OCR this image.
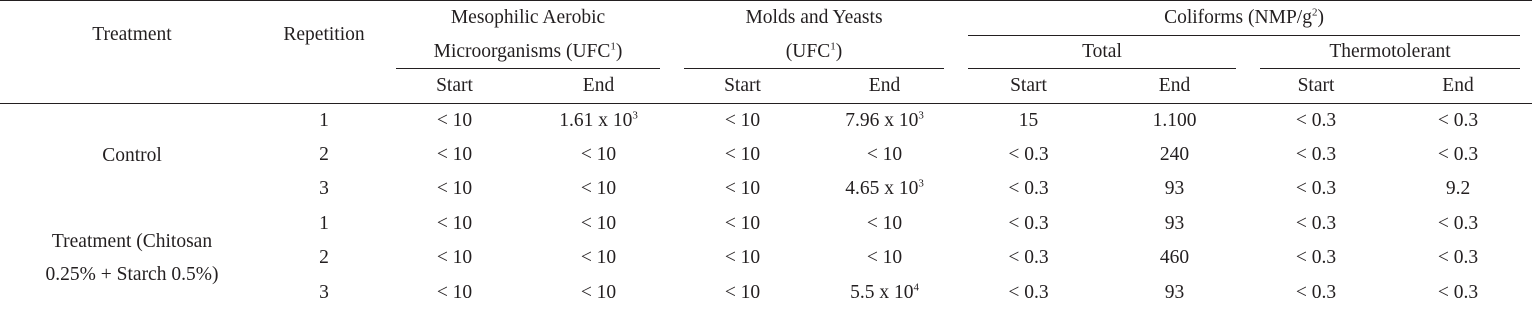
Treatment	Repetition	Mesophilic Aerobic
Microorganisms (UFC$^1$)		Molds and Yeasts
(UFC$^1$)		Coliforms $(NMP/g^2)$			
						Total		Thermotolerant	
		Start	End	Start	End	Start	End	Start	End
Control	1	< 10	1.61 x $10^3$	< 10	7.96 x $10^3$	15	1.100	< 0.3	< 0.3
	2	< 10	< 10	< 10	< 10	< 0.3	240	< 0.3	< 0.3
	3	< 10	< 10	< 10	4.65 x $10^3$	< 0.3	93	< 0.3	9.2
Treatment (Chitosan
0.25% + Starch 0.5%)	1	< 10	< 10	< 10	< 10	< 0.3	93	< 0.3	< 0.3
	2	< 10	< 10	< 10	< 10	< 0.3	460	< 0.3	< 0.3
	3	< 10	< 10	< 10	5.5 x $10^4$	< 0.3	93	< 0.3	< 0.3
